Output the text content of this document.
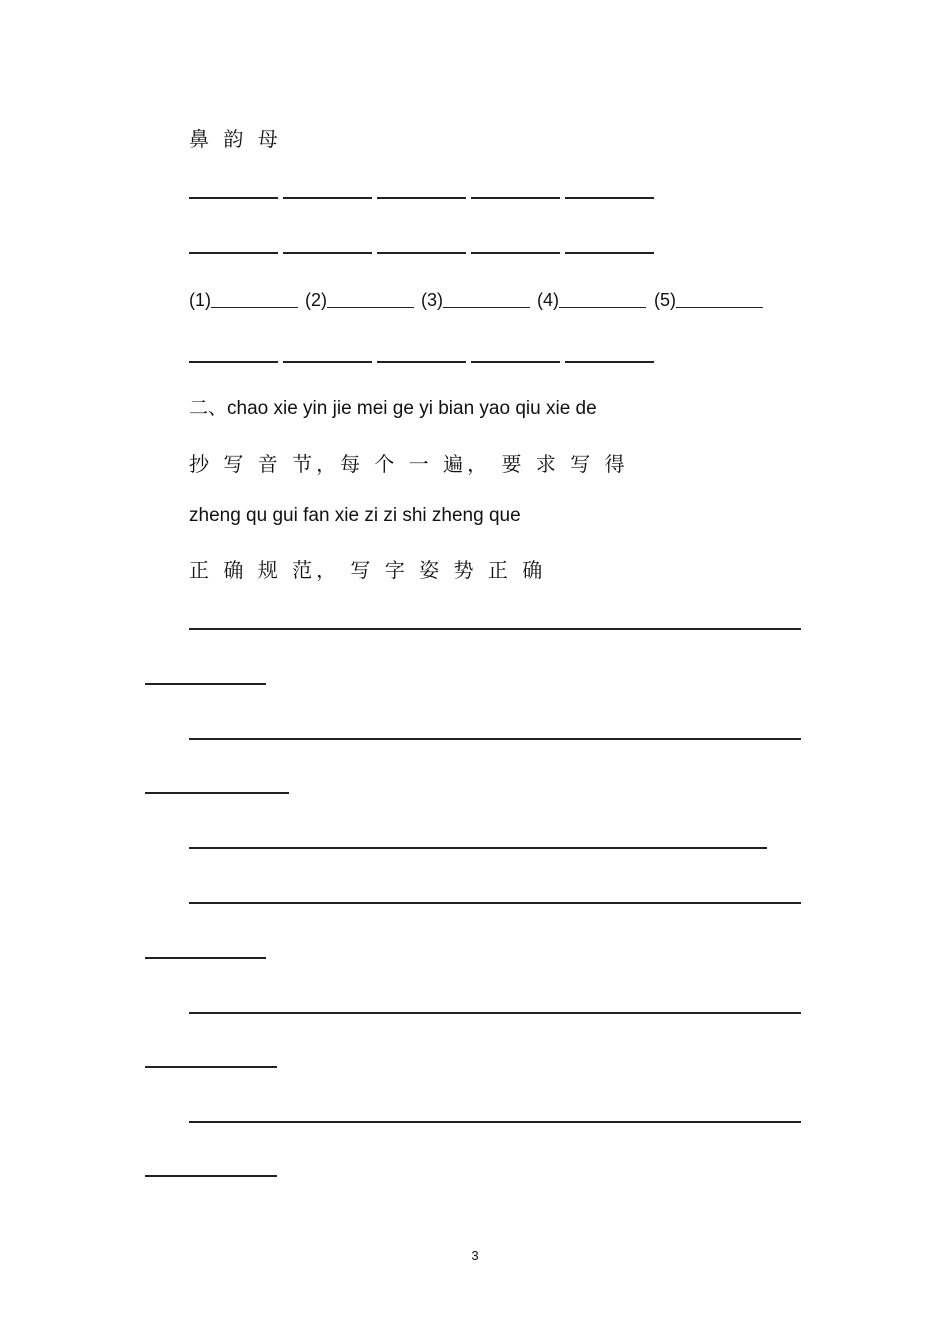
鼻 韵 母
(1)	(2)	(3)	(4)	(5)
二、chao xie yin jie mei ge yi bian yao qiu xie de
抄 写 音 节，每 个 一 遍， 要 求 写 得
zheng qu gui fan xie zi zi shi zheng que
正 确 规 范， 写 字 姿 势 正 确
3
